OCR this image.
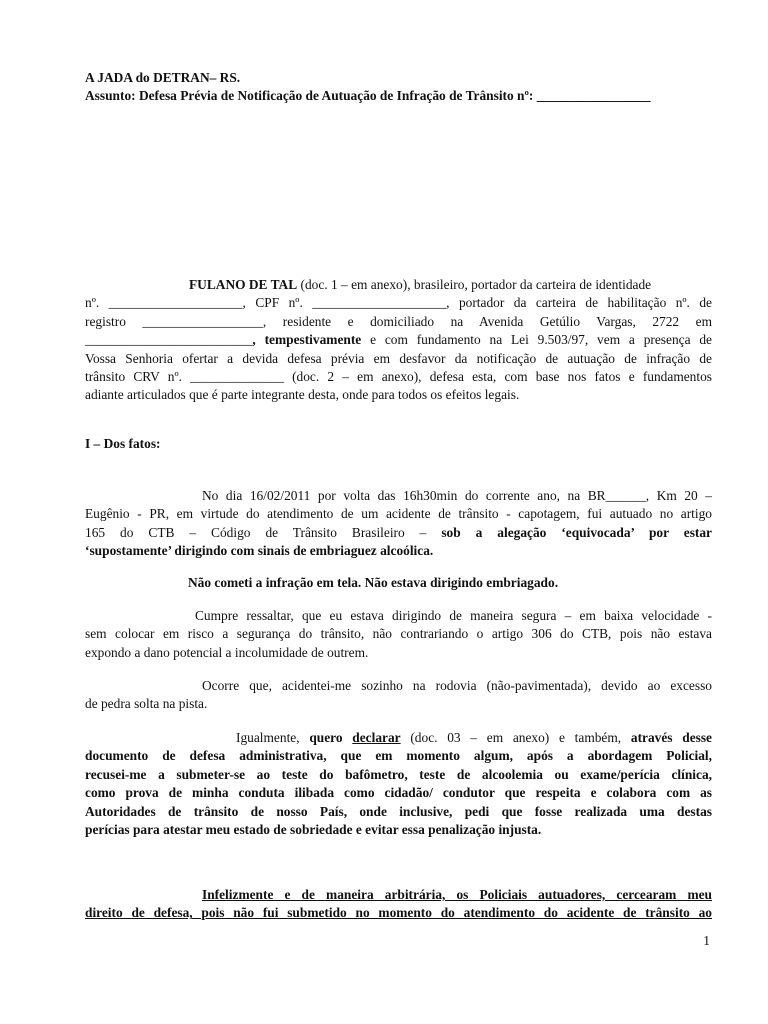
A JADA do DETRAN– RS.
Assunto: Defesa Prévia de Notificação de Autuação de Infração de Trânsito nº: _________________
FULANO DE TAL (doc. 1 – em anexo), brasileiro, portador da carteira de identidade
nº. ____________________, CPF nº. ____________________, portador da carteira de habilitação nº. de
registro __________________, residente e domiciliado na Avenida Getúlio Vargas, 2722 em
_________________________, tempestivamente e com fundamento na Lei 9.503/97, vem a presença de
Vossa Senhoria ofertar a devida defesa prévia em desfavor da notificação de autuação de infração de
trânsito CRV nº. ______________ (doc. 2 – em anexo), defesa esta, com base nos fatos e fundamentos
adiante articulados que é parte integrante desta, onde para todos os efeitos legais.
I – Dos fatos:
No dia 16/02/2011 por volta das 16h30min do corrente ano, na BR______, Km 20 –
Eugênio - PR, em virtude do atendimento de um acidente de trânsito - capotagem, fui autuado no artigo
165 do CTB – Código de Trânsito Brasileiro – sob a alegação ‘equivocada’ por estar
‘supostamente’ dirigindo com sinais de embriaguez alcoólica.
Não cometi a infração em tela. Não estava dirigindo embriagado.
Cumpre ressaltar, que eu estava dirigindo de maneira segura – em baixa velocidade -
sem colocar em risco a segurança do trânsito, não contrariando o artigo 306 do CTB, pois não estava
expondo a dano potencial a incolumidade de outrem.
Ocorre que, acidentei-me sozinho na rodovia (não-pavimentada), devido ao excesso
de pedra solta na pista.
Igualmente, quero declarar (doc. 03 – em anexo) e também, através desse
documento de defesa administrativa, que em momento algum, após a abordagem Policial,
recusei-me a submeter-se ao teste do bafômetro, teste de alcoolemia ou exame/perícia clínica,
como prova de minha conduta ilibada como cidadão/ condutor que respeita e colabora com as
Autoridades de trânsito de nosso País, onde inclusive, pedi que fosse realizada uma destas
perícias para atestar meu estado de sobriedade e evitar essa penalização injusta.
Infelizmente e de maneira arbitrária, os Policiais autuadores, cercearam meu
direito de defesa, pois não fui submetido no momento do atendimento do acidente de trânsito ao
1
